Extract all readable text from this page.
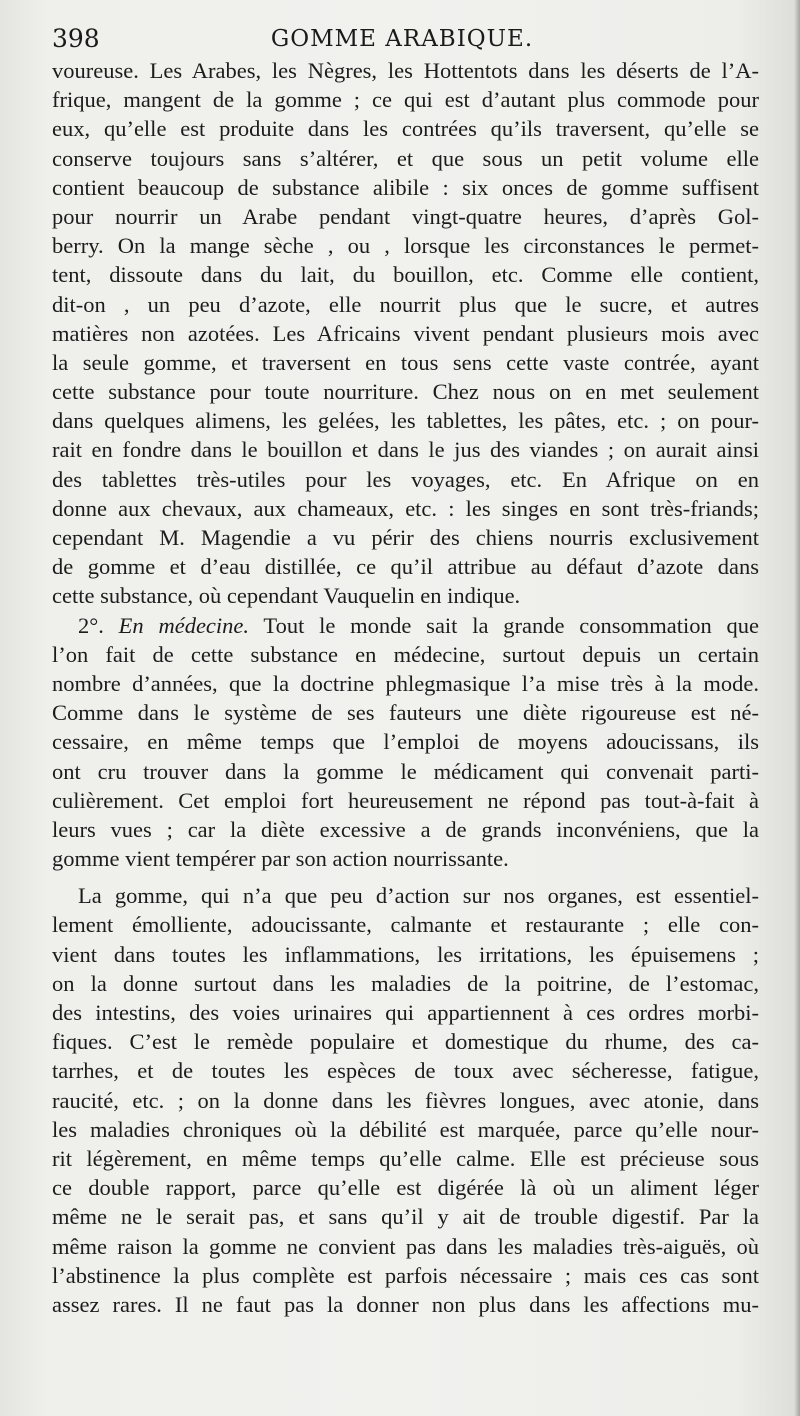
398	GOMME ARABIQUE.
voureuse. Les Arabes, les Nègres, les Hottentots dans les déserts de l’A-
frique, mangent de la gomme ; ce qui est d’autant plus commode pour
eux, qu’elle est produite dans les contrées qu’ils traversent, qu’elle se
conserve toujours sans s’altérer, et que sous un petit volume elle
contient beaucoup de substance alibile : six onces de gomme suffisent
pour nourrir un Arabe pendant vingt-quatre heures, d’après Gol-
berry. On la mange sèche , ou , lorsque les circonstances le permet-
tent, dissoute dans du lait, du bouillon, etc. Comme elle contient,
dit-on , un peu d’azote, elle nourrit plus que le sucre, et autres
matières non azotées. Les Africains vivent pendant plusieurs mois avec
la seule gomme, et traversent en tous sens cette vaste contrée, ayant
cette substance pour toute nourriture. Chez nous on en met seulement
dans quelques alimens, les gelées, les tablettes, les pâtes, etc. ; on pour-
rait en fondre dans le bouillon et dans le jus des viandes ; on aurait ainsi
des tablettes très-utiles pour les voyages, etc. En Afrique on en
donne aux chevaux, aux chameaux, etc. : les singes en sont très-friands;
cependant M. Magendie a vu périr des chiens nourris exclusivement
de gomme et d’eau distillée, ce qu’il attribue au défaut d’azote dans
cette substance, où cependant Vauquelin en indique.
2°. En médecine. Tout le monde sait la grande consommation que
l’on fait de cette substance en médecine, surtout depuis un certain
nombre d’années, que la doctrine phlegmasique l’a mise très à la mode.
Comme dans le système de ses fauteurs une diète rigoureuse est né-
cessaire, en même temps que l’emploi de moyens adoucissans, ils
ont cru trouver dans la gomme le médicament qui convenait parti-
culièrement. Cet emploi fort heureusement ne répond pas tout-à-fait à
leurs vues ; car la diète excessive a de grands inconvéniens, que la
gomme vient tempérer par son action nourrissante.
La gomme, qui n’a que peu d’action sur nos organes, est essentiel-
lement émolliente, adoucissante, calmante et restaurante ; elle con-
vient dans toutes les inflammations, les irritations, les épuisemens ;
on la donne surtout dans les maladies de la poitrine, de l’estomac,
des intestins, des voies urinaires qui appartiennent à ces ordres morbi-
fiques. C’est le remède populaire et domestique du rhume, des ca-
tarrhes, et de toutes les espèces de toux avec sécheresse, fatigue,
raucité, etc. ; on la donne dans les fièvres longues, avec atonie, dans
les maladies chroniques où la débilité est marquée, parce qu’elle nour-
rit légèrement, en même temps qu’elle calme. Elle est précieuse sous
ce double rapport, parce qu’elle est digérée là où un aliment léger
même ne le serait pas, et sans qu’il y ait de trouble digestif. Par la
même raison la gomme ne convient pas dans les maladies très-aiguës, où
l’abstinence la plus complète est parfois nécessaire ; mais ces cas sont
assez rares. Il ne faut pas la donner non plus dans les affections mu-
